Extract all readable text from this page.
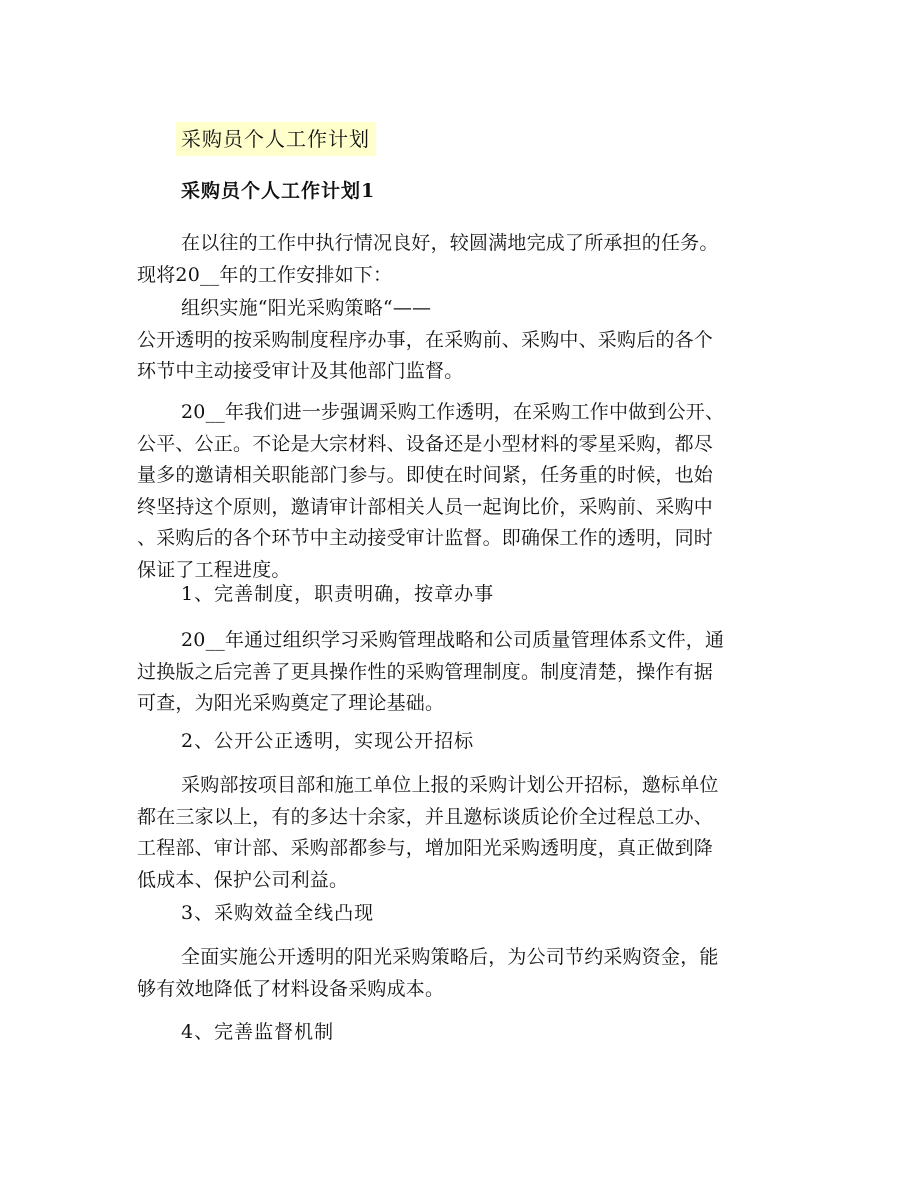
采购员个人工作计划
采购员个人工作计划1
在以往的工作中执行情况良好，较圆满地完成了所承担的任务。
现将20__年的工作安排如下：
组织实施“阳光采购策略“——
公开透明的按采购制度程序办事，在采购前、采购中、采购后的各个
环节中主动接受审计及其他部门监督。
20__年我们进一步强调采购工作透明，在采购工作中做到公开、
公平、公正。不论是大宗材料、设备还是小型材料的零星采购，都尽
量多的邀请相关职能部门参与。即使在时间紧，任务重的时候，也始
终坚持这个原则，邀请审计部相关人员一起询比价，采购前、采购中
、采购后的各个环节中主动接受审计监督。即确保工作的透明，同时
保证了工程进度。
1、完善制度，职责明确，按章办事
20__年通过组织学习采购管理战略和公司质量管理体系文件，通
过换版之后完善了更具操作性的采购管理制度。制度清楚，操作有据
可查，为阳光采购奠定了理论基础。
2、公开公正透明，实现公开招标
采购部按项目部和施工单位上报的采购计划公开招标，邀标单位
都在三家以上，有的多达十余家，并且邀标谈质论价全过程总工办、
工程部、审计部、采购部都参与，增加阳光采购透明度，真正做到降
低成本、保护公司利益。
3、采购效益全线凸现
全面实施公开透明的阳光采购策略后，为公司节约采购资金，能
够有效地降低了材料设备采购成本。
4、完善监督机制
